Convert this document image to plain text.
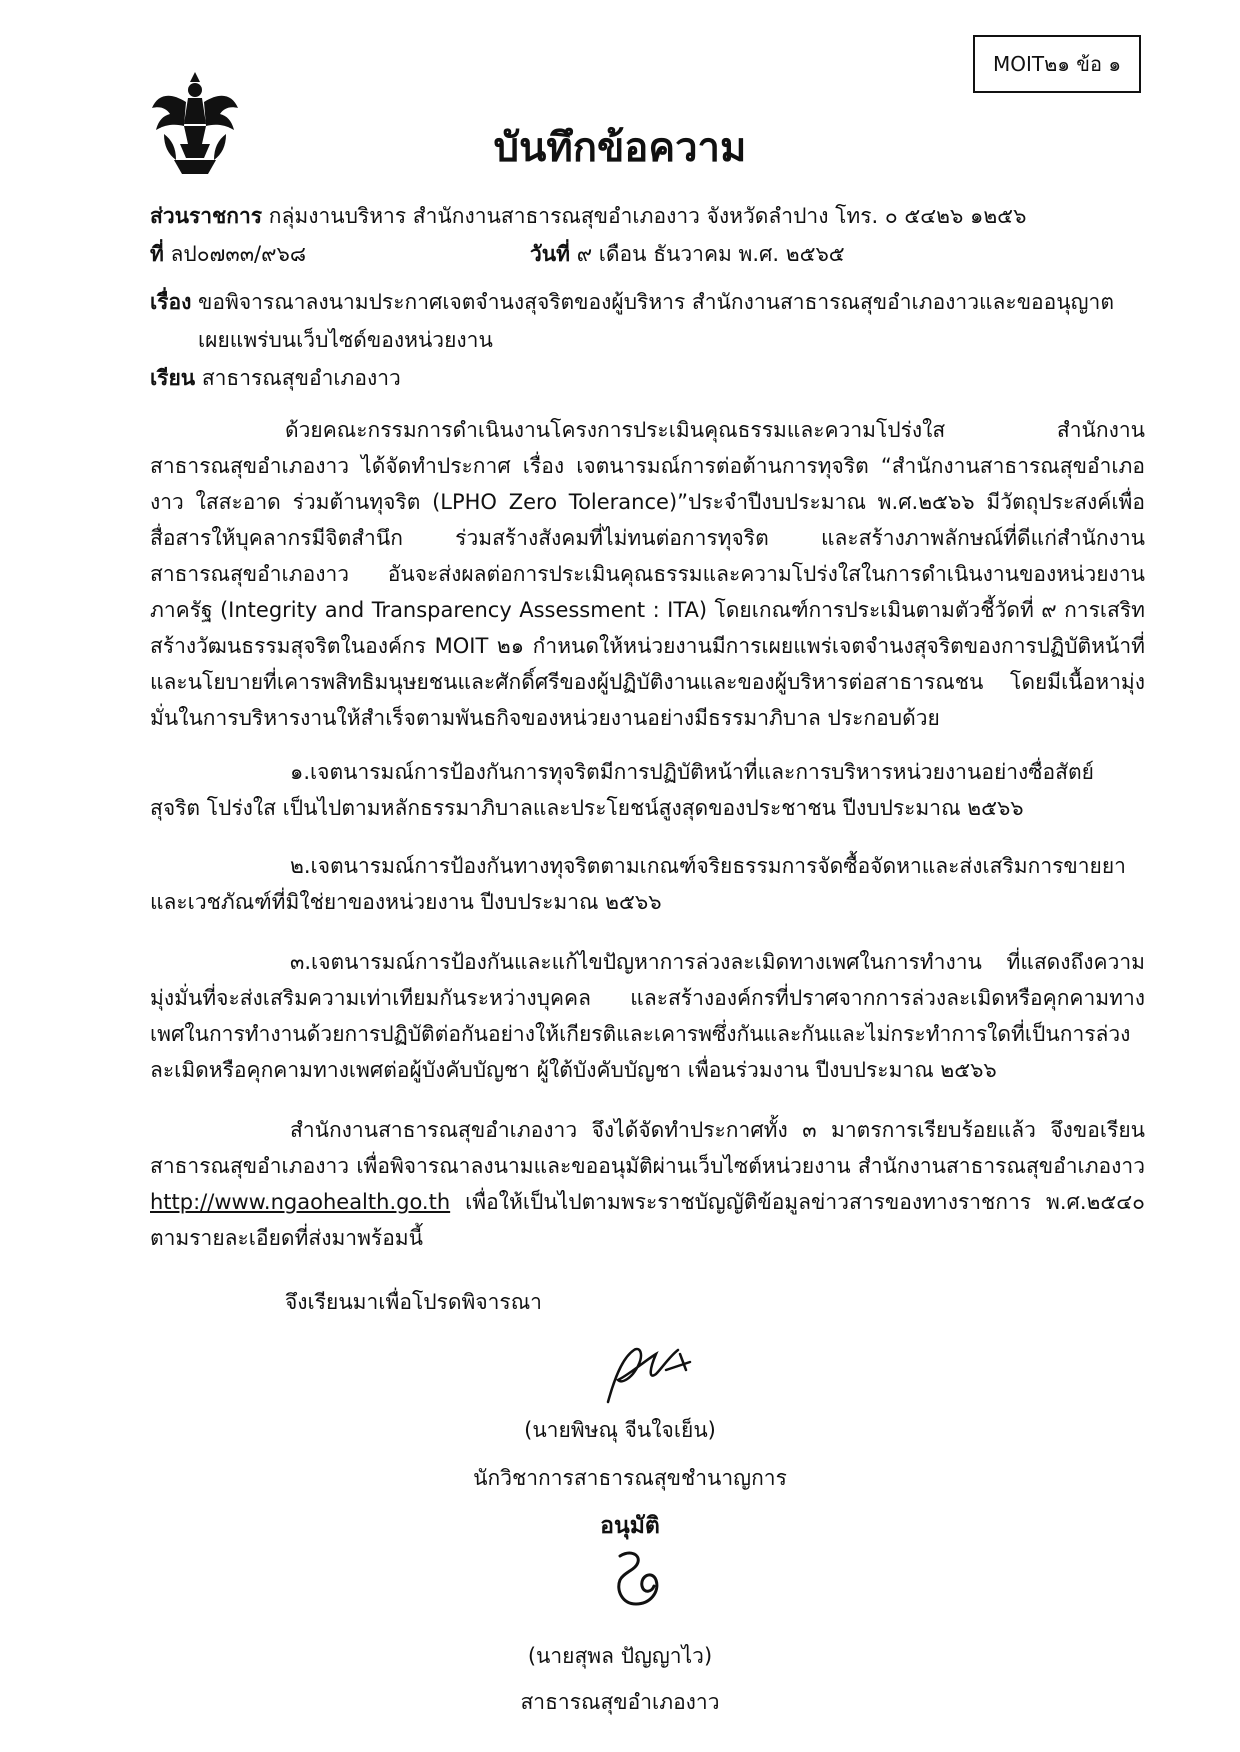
MOIT๒๑ ข้อ ๑
บันทึกข้อความ
ส่วนราชการ กลุ่มงานบริหาร สำนักงานสาธารณสุขอำเภองาว จังหวัดลำปาง โทร. ๐ ๕๔๒๖ ๑๒๕๖
ที่ ลป๐๗๓๓/๙๖๘	วันที่ ๙ เดือน ธันวาคม พ.ศ. ๒๕๖๕
เรื่อง ขอพิจารณาลงนามประกาศเจตจำนงสุจริตของผู้บริหาร สำนักงานสาธารณสุขอำเภองาวและขออนุญาต
เผยแพร่บนเว็บไซด์ของหน่วยงาน
เรียน สาธารณสุขอำเภองาว
ด้วยคณะกรรมการดำเนินงานโครงการประเมินคุณธรรมและความโปร่งใส สำนักงานสาธารณสุขอำเภองาว ได้จัดทำประกาศ เรื่อง เจตนารมณ์การต่อต้านการทุจริต “สำนักงานสาธารณสุขอำเภองาว ใสสะอาด ร่วมต้านทุจริต (LPHO Zero Tolerance)”ประจำปีงบประมาณ พ.ศ.๒๕๖๖ มีวัตถุประสงค์เพื่อสื่อสารให้บุคลากรมีจิตสำนึก ร่วมสร้างสังคมที่ไม่ทนต่อการทุจริต และสร้างภาพลักษณ์ที่ดีแก่สำนักงานสาธารณสุขอำเภองาว อันจะส่งผลต่อการประเมินคุณธรรมและความโปร่งใสในการดำเนินงานของหน่วยงานภาครัฐ (Integrity and Transparency Assessment : ITA) โดยเกณฑ์การประเมินตามตัวชี้วัดที่ ๙ การเสริทสร้างวัฒนธรรมสุจริตในองค์กร MOIT ๒๑ กำหนดให้หน่วยงานมีการเผยแพร่เจตจำนงสุจริตของการปฏิบัติหน้าที่และนโยบายที่เคารพสิทธิมนุษยชนและศักดิ์ศรีของผู้ปฏิบัติงานและของผู้บริหารต่อสาธารณชน โดยมีเนื้อหามุ่งมั่นในการบริหารงานให้สำเร็จตามพันธกิจของหน่วยงานอย่างมีธรรมาภิบาล ประกอบด้วย
๑.เจตนารมณ์การป้องกันการทุจริตมีการปฏิบัติหน้าที่และการบริหารหน่วยงานอย่างซื่อสัตย์ สุจริต โปร่งใส เป็นไปตามหลักธรรมาภิบาลและประโยชน์สูงสุดของประชาชน ปีงบประมาณ ๒๕๖๖
๒.เจตนารมณ์การป้องกันทางทุจริตตามเกณฑ์จริยธรรมการจัดซื้อจัดหาและส่งเสริมการขายยาและเวชภัณฑ์ที่มิใช่ยาของหน่วยงาน ปีงบประมาณ ๒๕๖๖
๓.เจตนารมณ์การป้องกันและแก้ไขปัญหาการล่วงละเมิดทางเพศในการทำงาน ที่แสดงถึงความมุ่งมั่นที่จะส่งเสริมความเท่าเทียมกันระหว่างบุคคล และสร้างองค์กรที่ปราศจากการล่วงละเมิดหรือคุกคามทางเพศในการทำงานด้วยการปฏิบัติต่อกันอย่างให้เกียรติและเคารพซึ่งกันและกันและไม่กระทำการใดที่เป็นการล่วงละเมิดหรือคุกคามทางเพศต่อผู้บังคับบัญชา ผู้ใต้บังคับบัญชา เพื่อนร่วมงาน ปีงบประมาณ ๒๕๖๖
สำนักงานสาธารณสุขอำเภองาว จึงได้จัดทำประกาศทั้ง ๓ มาตรการเรียบร้อยแล้ว จึงขอเรียนสาธารณสุขอำเภองาว เพื่อพิจารณาลงนามและขออนุมัติผ่านเว็บไซต์หน่วยงาน สำนักงานสาธารณสุขอำเภองาว http://www.ngaohealth.go.th เพื่อให้เป็นไปตามพระราชบัญญัติข้อมูลข่าวสารของทางราชการ พ.ศ.๒๕๔๐ ตามรายละเอียดที่ส่งมาพร้อมนี้
จึงเรียนมาเพื่อโปรดพิจารณา
(นายพิษณุ จีนใจเย็น)
นักวิชาการสาธารณสุขชำนาญการ
อนุมัติ
(นายสุพล ปัญญาไว)
สาธารณสุขอำเภองาว
